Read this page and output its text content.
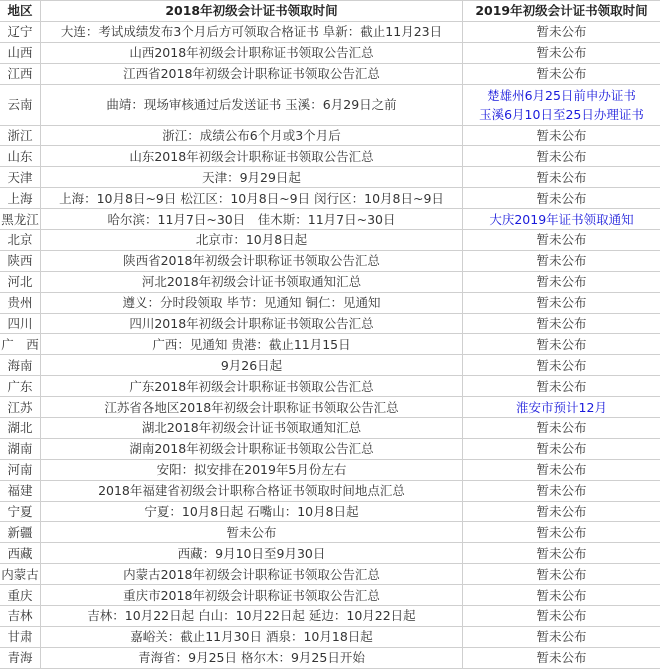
地区	2018年初级会计证书领取时间	2019年初级会计证书领取时间
辽宁	大连：考试成绩发布3个月后方可领取合格证书 阜新：截止11月23日	暂未公布

山西	山西2018年初级会计职称证书领取公告汇总	暂未公布

江西	江西省2018年初级会计职称证书领取公告汇总	暂未公布

云南	曲靖：现场审核通过后发送证书 玉溪：6月29日之前	楚雄州6月25日前申办证书
玉溪6月10日至25日办理证书

浙江	浙江：成绩公布6个月或3个月后	暂未公布

山东	山东2018年初级会计职称证书领取公告汇总	暂未公布

天津	天津：9月29日起	暂未公布

上海	上海：10月8日~9日 松江区：10月8日~9日 闵行区：10月8日~9日	暂未公布

黑龙江	哈尔滨：11月7日~30日　佳木斯：11月7日~30日	大庆2019年证书领取通知

北京	北京市：10月8日起	暂未公布

陕西	陕西省2018年初级会计职称证书领取公告汇总	暂未公布

河北	河北2018年初级会计证书领取通知汇总	暂未公布

贵州	遵义：分时段领取 毕节：见通知 铜仁：见通知	暂未公布

四川	四川2018年初级会计职称证书领取公告汇总	暂未公布

广　西	广西：见通知 贵港：截止11月15日	暂未公布

海南	9月26日起	暂未公布

广东	广东2018年初级会计职称证书领取公告汇总	暂未公布

江苏	江苏省各地区2018年初级会计职称证书领取公告汇总	淮安市预计12月

湖北	湖北2018年初级会计证书领取通知汇总	暂未公布

湖南	湖南2018年初级会计职称证书领取公告汇总	暂未公布

河南	安阳：拟安排在2019年5月份左右	暂未公布

福建	2018年福建省初级会计职称合格证书领取时间地点汇总	暂未公布

宁夏	宁夏：10月8日起 石嘴山：10月8日起	暂未公布

新疆	暂未公布	暂未公布

西藏	西藏：9月10日至9月30日	暂未公布

内蒙古	内蒙古2018年初级会计职称证书领取公告汇总	暂未公布

重庆	重庆市2018年初级会计职称证书领取公告汇总	暂未公布

吉林	吉林：10月22日起 白山：10月22日起 延边：10月22日起	暂未公布

甘肃	嘉峪关：截止11月30日 酒泉：10月18日起	暂未公布

青海	青海省：9月25日 格尔木：9月25日开始	暂未公布
